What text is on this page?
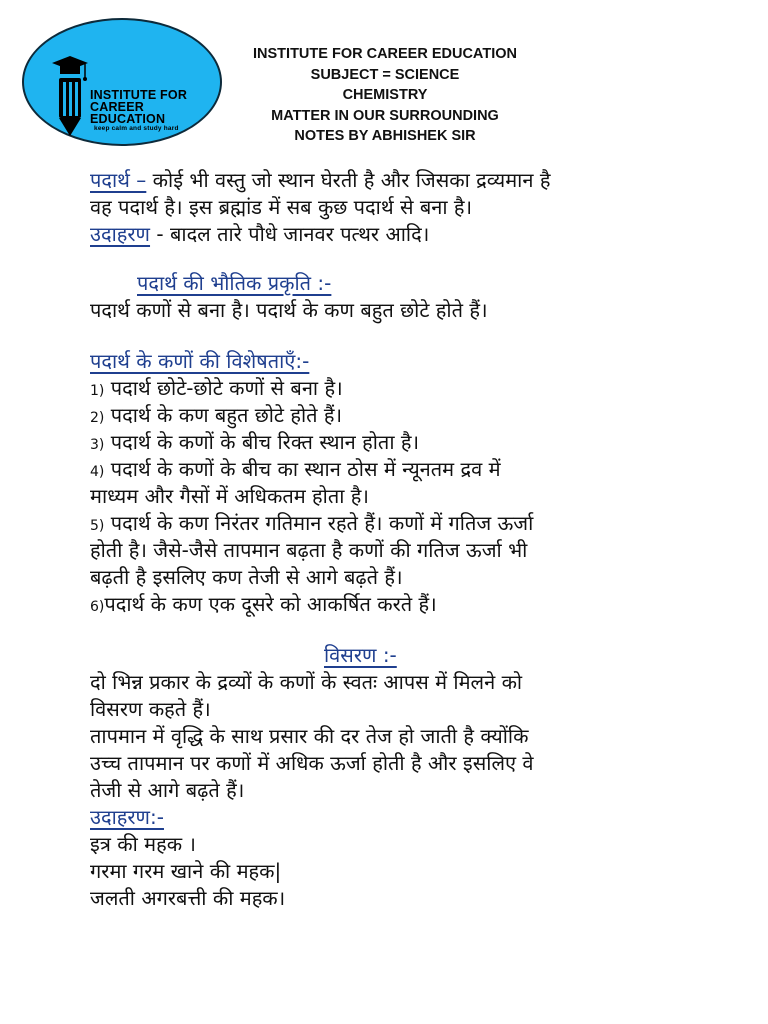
INSTITUTE FOR
CAREER
EDUCATION
keep calm and study hard
INSTITUTE FOR CAREER EDUCATION
SUBJECT = SCIENCE
CHEMISTRY
MATTER IN OUR SURROUNDING
NOTES BY ABHISHEK SIR
पदार्थ – कोई भी वस्तु जो स्थान घेरती है और जिसका द्रव्यमान है
वह पदार्थ है। इस ब्रह्मांड में सब कुछ पदार्थ से बना है।
उदाहरण - बादल तारे पौधे जानवर पत्थर आदि।
पदार्थ की भौतिक प्रकृति :-
पदार्थ कणों से बना है। पदार्थ के कण बहुत छोटे होते हैं।
पदार्थ के कणों की विशेषताएँ:-
1) पदार्थ छोटे-छोटे कणों से बना है।
2) पदार्थ के कण बहुत छोटे होते हैं।
3) पदार्थ के कणों के बीच रिक्त स्थान होता है।
4) पदार्थ के कणों के बीच का स्थान ठोस में न्यूनतम द्रव में
माध्यम और गैसों में अधिकतम होता है।
5) पदार्थ के कण निरंतर गतिमान रहते हैं। कणों में गतिज ऊर्जा
होती है। जैसे-जैसे तापमान बढ़ता है कणों की गतिज ऊर्जा भी
बढ़ती है इसलिए कण तेजी से आगे बढ़ते हैं।
6)पदार्थ के कण एक दूसरे को आकर्षित करते हैं।
विसरण :-
दो भिन्न प्रकार के द्रव्यों के कणों के स्वतः आपस में मिलने को
विसरण कहते हैं।
तापमान में वृद्धि के साथ प्रसार की दर तेज हो जाती है क्योंकि
उच्च तापमान पर कणों में अधिक ऊर्जा होती है और इसलिए वे
तेजी से आगे बढ़ते हैं।
उदाहरण:-
इत्र की महक ।
गरमा गरम खाने की महक|
जलती अगरबत्ती की महक।
